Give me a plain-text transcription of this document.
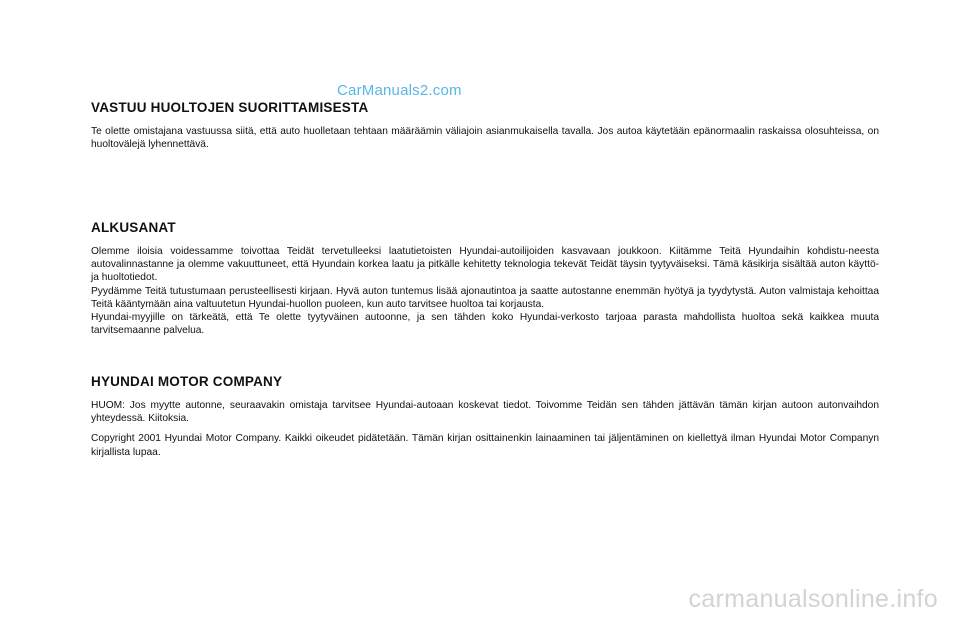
CarManuals2.com
VASTUU HUOLTOJEN SUORITTAMISESTA

Te olette omistajana vastuussa siitä, että auto huolletaan tehtaan määräämin väliajoin asianmukaisella tavalla. Jos autoa käytetään epänormaalin raskaissa olosuhteissa, on huoltovälejä lyhennettävä.

ALKUSANAT

Olemme iloisia voidessamme toivottaa Teidät tervetulleeksi laatutietoisten Hyundai-autoilijoiden kasvavaan joukkoon. Kiitämme Teitä Hyundaihin kohdistu-neesta autovalinnastanne ja olemme vakuuttuneet, että Hyundain korkea laatu ja pitkälle kehitetty teknologia tekevät Teidät täysin tyytyväiseksi. Tämä käsikirja sisältää auton käyttö- ja huoltotiedot.

Pyydämme Teitä tutustumaan perusteellisesti kirjaan. Hyvä auton tuntemus lisää ajonautintoa ja saatte autostanne enemmän hyötyä ja tyydytystä. Auton valmistaja kehoittaa Teitä kääntymään aina valtuutetun Hyundai-huollon puoleen, kun auto tarvitsee huoltoa tai korjausta.

Hyundai-myyjille on tärkeätä, että Te olette tyytyväinen autoonne, ja sen tähden koko Hyundai-verkosto tarjoaa parasta mahdollista huoltoa sekä kaikkea muuta tarvitsemaanne palvelua.

HYUNDAI MOTOR COMPANY

HUOM: Jos myytte autonne, seuraavakin omistaja tarvitsee Hyundai-autoaan koskevat tiedot. Toivomme Teidän sen tähden jättävän tämän kirjan autoon autonvaihdon yhteydessä. Kiitoksia.

Copyright 2001 Hyundai Motor Company. Kaikki oikeudet pidätetään. Tämän kirjan osittainenkin lainaaminen tai jäljentäminen on kiellettyä ilman Hyundai Motor Companyn kirjallista lupaa.

carmanualsonline.info
